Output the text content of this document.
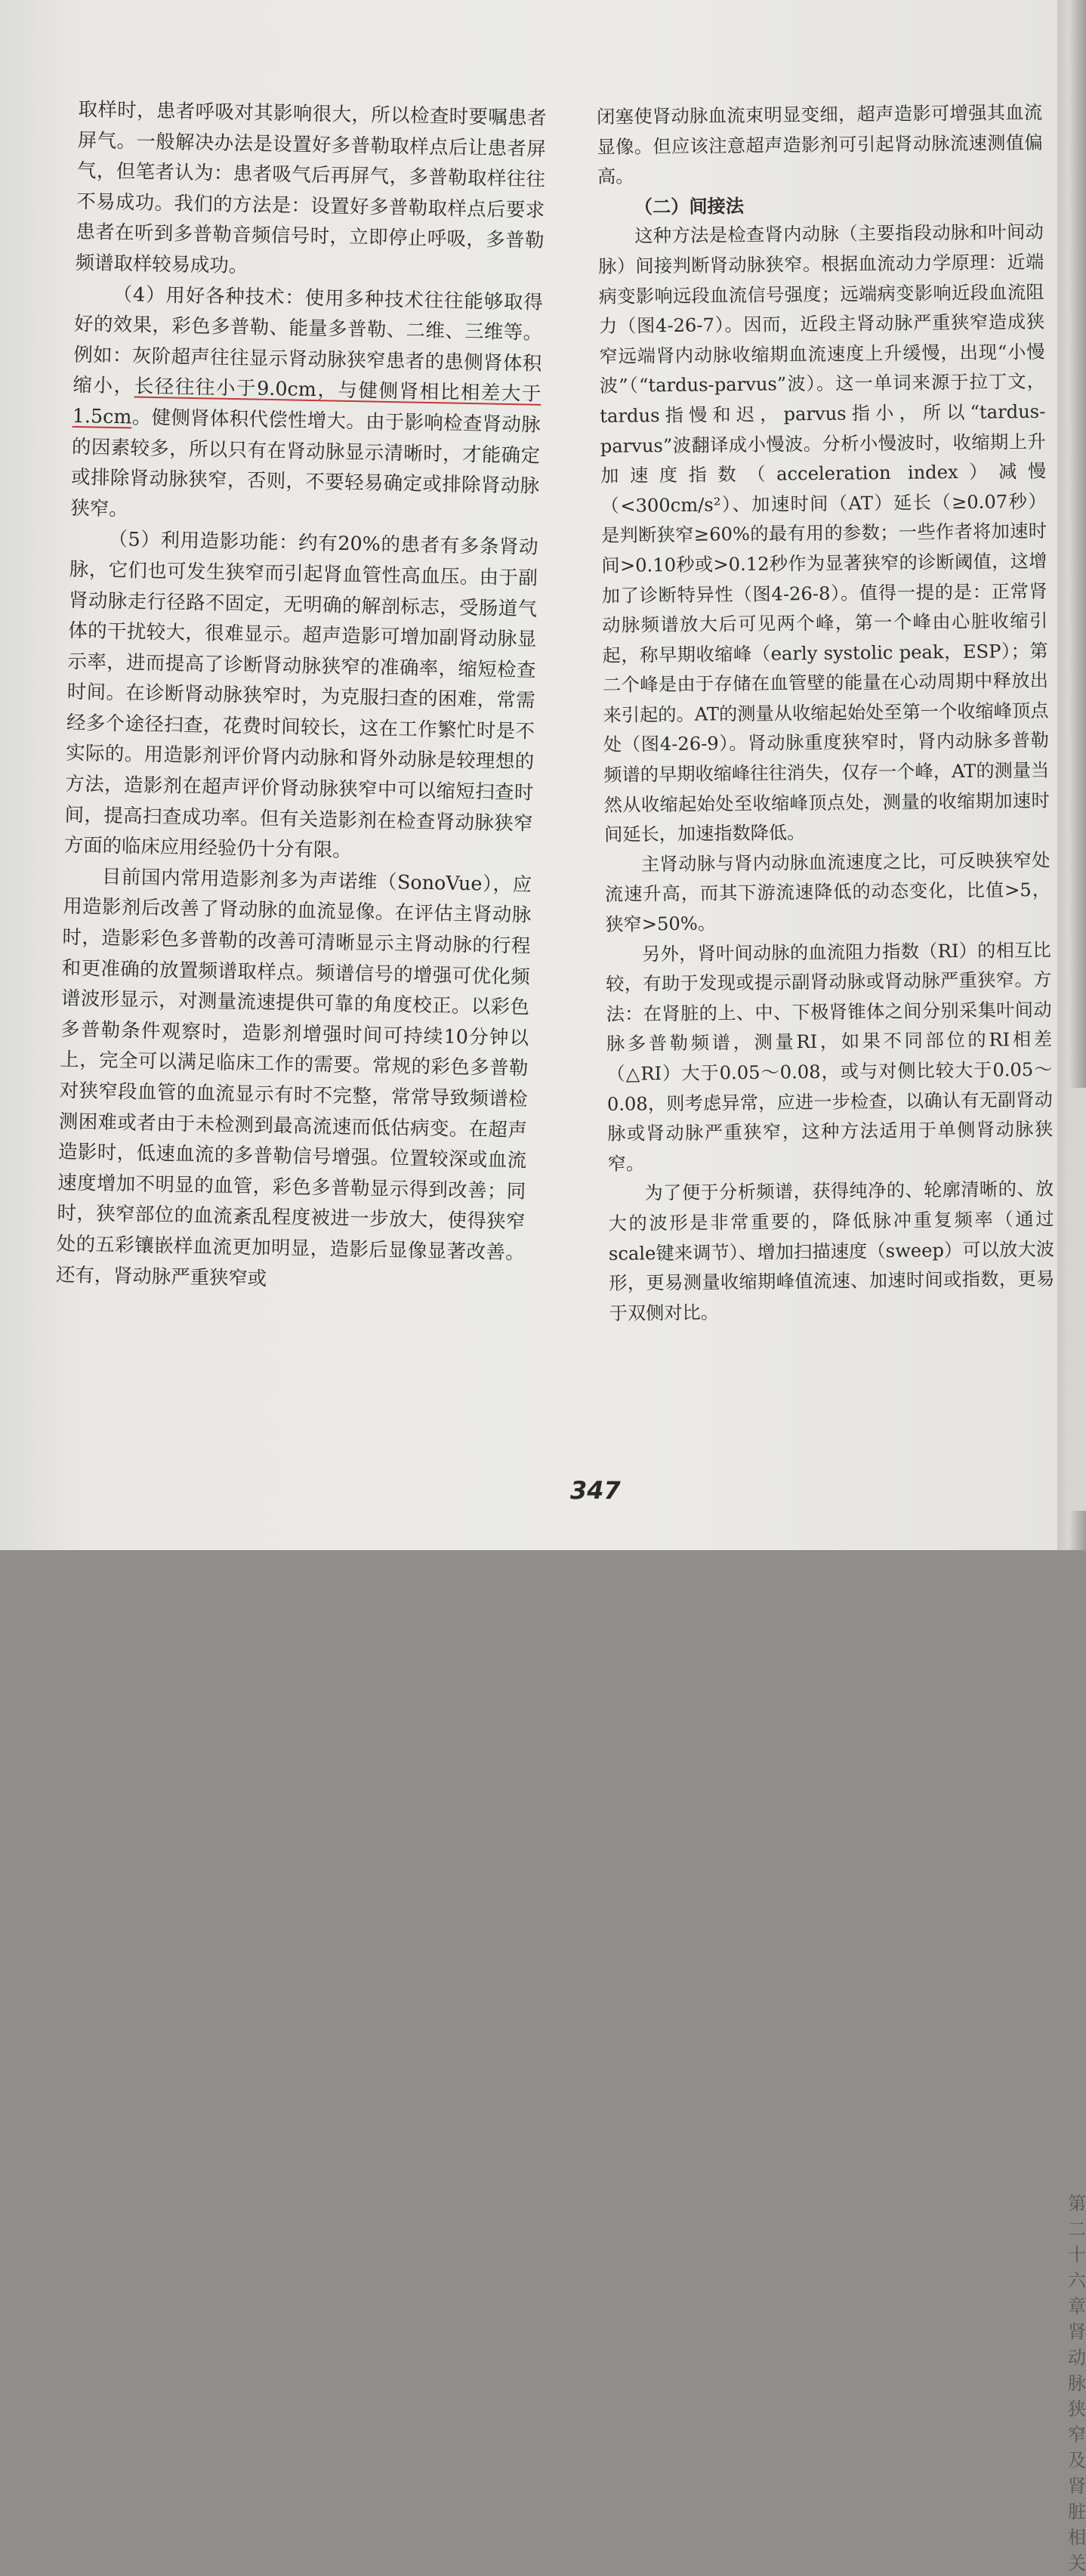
取样时，患者呼吸对其影响很大，所以检查时要嘱患者屏气。一般解决办法是设置好多普勒取样点后让患者屏气，但笔者认为：患者吸气后再屏气，多普勒取样往往不易成功。我们的方法是：设置好多普勒取样点后要求患者在听到多普勒音频信号时，立即停止呼吸，多普勒频谱取样较易成功。

（4）用好各种技术：使用多种技术往往能够取得好的效果，彩色多普勒、能量多普勒、二维、三维等。例如：灰阶超声往往显示肾动脉狭窄患者的患侧肾体积缩小，长径往往小于9.0cm，与健侧肾相比相差大于1.5cm。健侧肾体积代偿性增大。由于影响检查肾动脉的因素较多，所以只有在肾动脉显示清晰时，才能确定或排除肾动脉狭窄，否则，不要轻易确定或排除肾动脉狭窄。

（5）利用造影功能：约有20%的患者有多条肾动脉，它们也可发生狭窄而引起肾血管性高血压。由于副肾动脉走行径路不固定，无明确的解剖标志，受肠道气体的干扰较大，很难显示。超声造影可增加副肾动脉显示率，进而提高了诊断肾动脉狭窄的准确率，缩短检查时间。在诊断肾动脉狭窄时，为克服扫查的困难，常需经多个途径扫查，花费时间较长，这在工作繁忙时是不实际的。用造影剂评价肾内动脉和肾外动脉是较理想的方法，造影剂在超声评价肾动脉狭窄中可以缩短扫查时间，提高扫查成功率。但有关造影剂在检查肾动脉狭窄方面的临床应用经验仍十分有限。

目前国内常用造影剂多为声诺维（SonoVue），应用造影剂后改善了肾动脉的血流显像。在评估主肾动脉时，造影彩色多普勒的改善可清晰显示主肾动脉的行程和更准确的放置频谱取样点。频谱信号的增强可优化频谱波形显示，对测量流速提供可靠的角度校正。以彩色多普勒条件观察时，造影剂增强时间可持续10分钟以上，完全可以满足临床工作的需要。常规的彩色多普勒对狭窄段血管的血流显示有时不完整，常常导致频谱检测困难或者由于未检测到最高流速而低估病变。在超声造影时，低速血流的多普勒信号增强。位置较深或血流速度增加不明显的血管，彩色多普勒显示得到改善；同时，狭窄部位的血流紊乱程度被进一步放大，使得狭窄处的五彩镶嵌样血流更加明显，造影后显像显著改善。还有，肾动脉严重狭窄或

闭塞使肾动脉血流束明显变细，超声造影可增强其血流显像。但应该注意超声造影剂可引起肾动脉流速测值偏高。

（二）间接法

这种方法是检查肾内动脉（主要指段动脉和叶间动脉）间接判断肾动脉狭窄。根据血流动力学原理：近端病变影响远段血流信号强度；远端病变影响近段血流阻力（图4-26-7）。因而，近段主肾动脉严重狭窄造成狭窄远端肾内动脉收缩期血流速度上升缓慢，出现“小慢波”（“tardus-parvus”波）。这一单词来源于拉丁文，tardus指慢和迟，parvus指小，所以“tardus-parvus”波翻译成小慢波。分析小慢波时，收缩期上升加速度指数（acceleration index）减慢（<300cm/s²）、加速时间（AT）延长（≥0.07秒）是判断狭窄≥60%的最有用的参数；一些作者将加速时间>0.10秒或>0.12秒作为显著狭窄的诊断阈值，这增加了诊断特异性（图4-26-8）。值得一提的是：正常肾动脉频谱放大后可见两个峰，第一个峰由心脏收缩引起，称早期收缩峰（early systolic peak，ESP）；第二个峰是由于存储在血管壁的能量在心动周期中释放出来引起的。AT的测量从收缩起始处至第一个收缩峰顶点处（图4-26-9）。肾动脉重度狭窄时，肾内动脉多普勒频谱的早期收缩峰往往消失，仅存一个峰，AT的测量当然从收缩起始处至收缩峰顶点处，测量的收缩期加速时间延长，加速指数降低。

主肾动脉与肾内动脉血流速度之比，可反映狭窄处流速升高，而其下游流速降低的动态变化，比值>5，狭窄>50%。

另外，肾叶间动脉的血流阻力指数（RI）的相互比较，有助于发现或提示副肾动脉或肾动脉严重狭窄。方法：在肾脏的上、中、下极肾锥体之间分别采集叶间动脉多普勒频谱，测量RI，如果不同部位的RI相差（△RI）大于0.05～0.08，或与对侧比较大于0.05～0.08，则考虑异常，应进一步检查，以确认有无副肾动脉或肾动脉严重狭窄，这种方法适用于单侧肾动脉狭窄。

为了便于分析频谱，获得纯净的、轮廓清晰的、放大的波形是非常重要的，降低脉冲重复频率（通过scale键来调节）、增加扫描速度（sweep）可以放大波形，更易测量收缩期峰值流速、加速时间或指数，更易于双侧对比。

347
第二十六章 肾动脉狭窄及肾脏相关
